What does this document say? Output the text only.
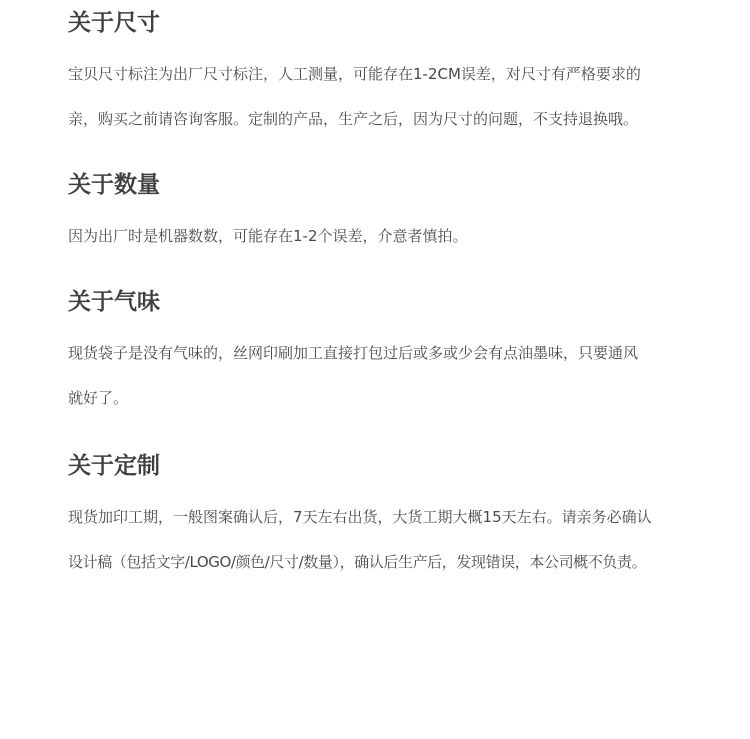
关于尺寸

宝贝尺寸标注为出厂尺寸标注，人工测量，可能存在1-2CM误差，对尺寸有严格要求的
亲，购买之前请咨询客服。定制的产品，生产之后，因为尺寸的问题，不支持退换哦。

关于数量

因为出厂时是机器数数，可能存在1-2个误差，介意者慎拍。

关于气味

现货袋子是没有气味的，丝网印刷加工直接打包过后或多或少会有点油墨味，只要通风
就好了。

关于定制

现货加印工期，一般图案确认后，7天左右出货，大货工期大概15天左右。请亲务必确认
设计稿（包括文字/LOGO/颜色/尺寸/数量），确认后生产后，发现错误，本公司概不负责。
